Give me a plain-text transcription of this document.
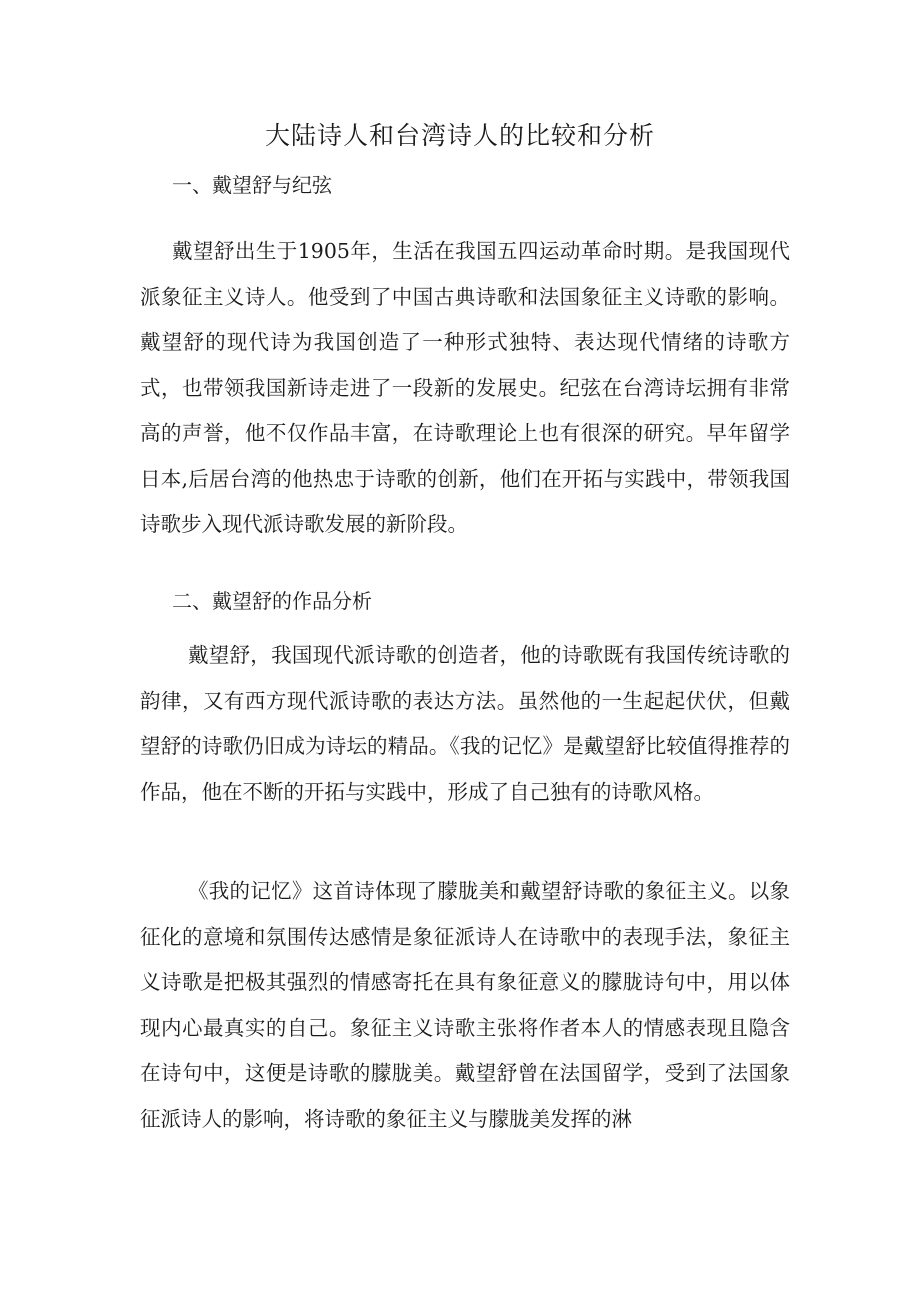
大陆诗人和台湾诗人的比较和分析
一、戴望舒与纪弦

戴望舒出生于1905年，生活在我国五四运动革命时期。是我国现代派象征主义诗人。他受到了中国古典诗歌和法国象征主义诗歌的影响。戴望舒的现代诗为我国创造了一种形式独特、表达现代情绪的诗歌方式，也带领我国新诗走进了一段新的发展史。纪弦在台湾诗坛拥有非常高的声誉，他不仅作品丰富，在诗歌理论上也有很深的研究。早年留学日本,后居台湾的他热忠于诗歌的创新，他们在开拓与实践中，带领我国诗歌步入现代派诗歌发展的新阶段。

二、戴望舒的作品分析

戴望舒，我国现代派诗歌的创造者，他的诗歌既有我国传统诗歌的韵律，又有西方现代派诗歌的表达方法。虽然他的一生起起伏伏，但戴望舒的诗歌仍旧成为诗坛的精品。《我的记忆》是戴望舒比较值得推荐的作品，他在不断的开拓与实践中，形成了自己独有的诗歌风格。

《我的记忆》这首诗体现了朦胧美和戴望舒诗歌的象征主义。以象征化的意境和氛围传达感情是象征派诗人在诗歌中的表现手法，象征主义诗歌是把极其强烈的情感寄托在具有象征意义的朦胧诗句中，用以体现内心最真实的自己。象征主义诗歌主张将作者本人的情感表现且隐含在诗句中，这便是诗歌的朦胧美。戴望舒曾在法国留学，受到了法国象征派诗人的影响，将诗歌的象征主义与朦胧美发挥的淋
